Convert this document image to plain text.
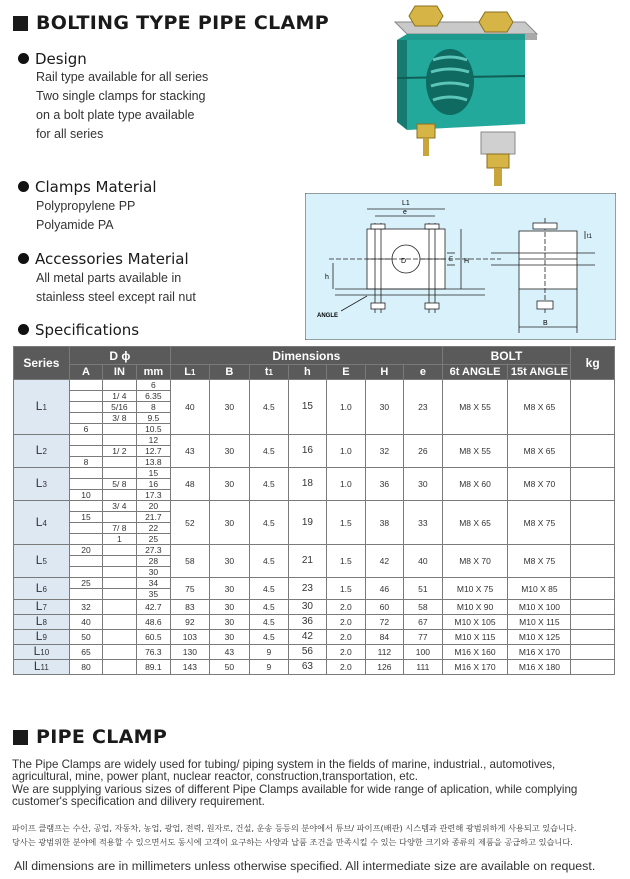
BOLTING TYPE PIPE CLAMP
Design
Rail type available for all series
Two single clamps for stacking
on a bolt plate type available
for all series
Clamps Material
Polypropylene PP
Polyamide PA
Accessories Material
All metal parts available in
stainless steel except rail nut
Specifications
L1
e
D	E H
h
ANGLE
t1
B
Series	D ϕ			Dimensions							BOLT		kg
	A	IN	mm	L1	B	t1	h	E	H	e	6t ANGLE	15t ANGLE	
L1			6	40	30	4.5	15	1.0	30	23	M8 X 55	M8 X 65	
		1/ 4	6.35										
		5/16	8										
		3/ 8	9.5										
	6		10.5										
L2			12	43	30	4.5	16	1.0	32	26	M8 X 55	M8 X 65	
		1/ 2	12.7										
	8		13.8										
L3			15	48	30	4.5	18	1.0	36	30	M8 X 60	M8 X 70	
		5/ 8	16										
	10		17.3										
L4		3/ 4	20	52	30	4.5	19	1.5	38	33	M8 X 65	M8 X 75	
	15		21.7										
		7/ 8	22										
		1	25										
L5	20		27.3	58	30	4.5	21	1.5	42	40	M8 X 70	M8 X 75	
			28										
			30										
L6	25		34	75	30	4.5	23	1.5	46	51	M10 X 75	M10 X 85	
			35										
L7	32		42.7	83	30	4.5	30	2.0	60	58	M10 X 90	M10 X 100	
L8	40		48.6	92	30	4.5	36	2.0	72	67	M10 X 105	M10 X 115	
L9	50		60.5	103	30	4.5	42	2.0	84	77	M10 X 115	M10 X 125	
L10	65		76.3	130	43	9	56	2.0	112	100	M16 X 160	M16 X 170	
L11	80		89.1	143	50	9	63	2.0	126	111	M16 X 170	M16 X 180	
PIPE CLAMP
The Pipe Clamps are widely used for tubing/ piping system in the fields of marine, industrial., automotives,
agricultural, mine, power plant, nuclear reactor, construction,transportation, etc.
We are supplying various sizes of different Pipe Clamps available for wide range of aplication, while complying
customer's specification and dilivery requirement.
파이프 클램프는 수산, 공업, 자동차, 농업, 광업, 전력, 원자로, 건설, 운송 등등의 분야에서 튜브/ 파이프(배관) 시스템과 관련해 광범위하게 사용되고 있습니다.
당사는 광범위한 분야에 적용할 수 있으면서도 동시에 고객이 요구하는 사양과 납품 조건을 만족시킬 수 있는 다양한 크기와 종류의 제품을 공급하고 있습니다.
All dimensions are in millimeters unless otherwise specified. All intermediate size are available on request.
